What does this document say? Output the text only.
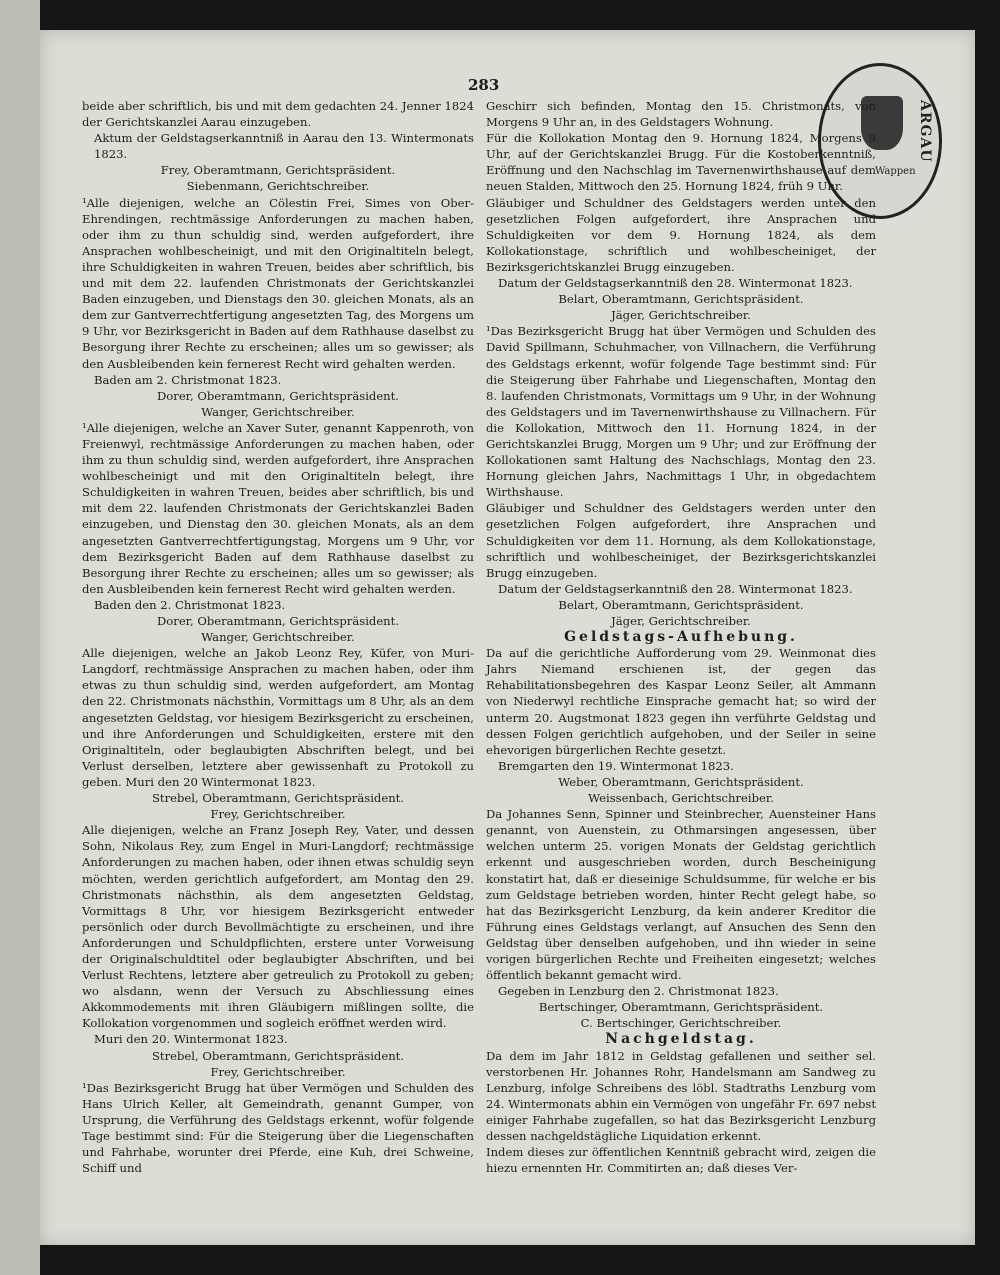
283
ARGAU
Wappen

beide aber schriftlich, bis und mit dem gedachten 24. Jenner 1824 der Gerichtskanzlei Aarau einzugeben.

Aktum der Geldstagserkanntniß in Aarau den 13. Wintermonats 1823.

Frey, Oberamtmann, Gerichtspräsident.

Siebenmann, Gerichtschreiber.

¹Alle diejenigen, welche an Cölestin Frei, Simes von Ober-Ehrendingen, rechtmässige Anforderungen zu machen haben, oder ihm zu thun schuldig sind, werden aufgefordert, ihre Ansprachen wohlbescheinigt, und mit den Originaltiteln belegt, ihre Schuldigkeiten in wahren Treuen, beides aber schriftlich, bis und mit dem 22. laufenden Christmonats der Gerichtskanzlei Baden einzugeben, und Dienstags den 30. gleichen Monats, als an dem zur Gantverrechtfertigung angesetzten Tag, des Morgens um 9 Uhr, vor Bezirksgericht in Baden auf dem Rathhause daselbst zu Besorgung ihrer Rechte zu erscheinen; alles um so gewisser; als den Ausbleibenden kein fernerest Recht wird gehalten werden.

Baden am 2. Christmonat 1823.

Dorer, Oberamtmann, Gerichtspräsident.

Wanger, Gerichtschreiber.

¹Alle diejenigen, welche an Xaver Suter, genannt Kappenroth, von Freienwyl, rechtmässige Anforderungen zu machen haben, oder ihm zu thun schuldig sind, werden aufgefordert, ihre Ansprachen wohlbescheinigt und mit den Originaltiteln belegt, ihre Schuldigkeiten in wahren Treuen, beides aber schriftlich, bis und mit dem 22. laufenden Christmonats der Gerichtskanzlei Baden einzugeben, und Dienstag den 30. gleichen Monats, als an dem angesetzten Gantverrechtfertigungstag, Morgens um 9 Uhr, vor dem Bezirksgericht Baden auf dem Rathhause daselbst zu Besorgung ihrer Rechte zu erscheinen; alles um so gewisser; als den Ausbleibenden kein fernerest Recht wird gehalten werden.

Baden den 2. Christmonat 1823.

Dorer, Oberamtmann, Gerichtspräsident.

Wanger, Gerichtschreiber.

Alle diejenigen, welche an Jakob Leonz Rey, Küfer, von Muri-Langdorf, rechtmässige Ansprachen zu machen haben, oder ihm etwas zu thun schuldig sind, werden aufgefordert, am Montag den 22. Christmonats nächsthin, Vormittags um 8 Uhr, als an dem angesetzten Geldstag, vor hiesigem Bezirksgericht zu erscheinen, und ihre Anforderungen und Schuldigkeiten, erstere mit den Originaltiteln, oder beglaubigten Abschriften belegt, und bei Verlust derselben, letztere aber gewissenhaft zu Protokoll zu geben. Muri den 20 Wintermonat 1823.

Strebel, Oberamtmann, Gerichtspräsident.

Frey, Gerichtschreiber.

Alle diejenigen, welche an Franz Joseph Rey, Vater, und dessen Sohn, Nikolaus Rey, zum Engel in Muri-Langdorf; rechtmässige Anforderungen zu machen haben, oder ihnen etwas schuldig seyn möchten, werden gerichtlich aufgefordert, am Montag den 29. Christmonats nächsthin, als dem angesetzten Geldstag, Vormittags 8 Uhr, vor hiesigem Bezirksgericht entweder persönlich oder durch Bevollmächtigte zu erscheinen, und ihre Anforderungen und Schuldpflichten, erstere unter Vorweisung der Originalschuldtitel oder beglaubigter Abschriften, und bei Verlust Rechtens, letztere aber getreulich zu Protokoll zu geben; wo alsdann, wenn der Versuch zu Abschliessung eines Akkommodements mit ihren Gläubigern mißlingen sollte, die Kollokation vorgenommen und sogleich eröffnet werden wird.

Muri den 20. Wintermonat 1823.

Strebel, Oberamtmann, Gerichtspräsident.

Frey, Gerichtschreiber.

¹Das Bezirksgericht Brugg hat über Vermögen und Schulden des Hans Ulrich Keller, alt Gemeindrath, genannt Gumper, von Ursprung, die Verführung des Geldstags erkennt, wofür folgende Tage bestimmt sind: Für die Steigerung über die Liegenschaften und Fahrhabe, worunter drei Pferde, eine Kuh, drei Schweine, Schiff und

Geschirr sich befinden, Montag den 15. Christmonats, von Morgens 9 Uhr an, in des Geldstagers Wohnung.

Für die Kollokation Montag den 9. Hornung 1824, Morgens 9 Uhr, auf der Gerichtskanzlei Brugg. Für die Kostoberkenntniß, Eröffnung und den Nachschlag im Tavernenwirthshause auf dem neuen Stalden, Mittwoch den 25. Hornung 1824, früh 9 Uhr.

Gläubiger und Schuldner des Geldstagers werden unter den gesetzlichen Folgen aufgefordert, ihre Ansprachen und Schuldigkeiten vor dem 9. Hornung 1824, als dem Kollokationstage, schriftlich und wohlbescheiniget, der Bezirksgerichtskanzlei Brugg einzugeben.

Datum der Geldstagserkanntniß den 28. Wintermonat 1823.

Belart, Oberamtmann, Gerichtspräsident.

Jäger, Gerichtschreiber.

¹Das Bezirksgericht Brugg hat über Vermögen und Schulden des David Spillmann, Schuhmacher, von Villnachern, die Verführung des Geldstags erkennt, wofür folgende Tage bestimmt sind: Für die Steigerung über Fahrhabe und Liegenschaften, Montag den 8. laufenden Christmonats, Vormittags um 9 Uhr, in der Wohnung des Geldstagers und im Tavernenwirthshause zu Villnachern. Für die Kollokation, Mittwoch den 11. Hornung 1824, in der Gerichtskanzlei Brugg, Morgen um 9 Uhr; und zur Eröffnung der Kollokationen samt Haltung des Nachschlags, Montag den 23. Hornung gleichen Jahrs, Nachmittags 1 Uhr, in obgedachtem Wirthshause.

Gläubiger und Schuldner des Geldstagers werden unter den gesetzlichen Folgen aufgefordert, ihre Ansprachen und Schuldigkeiten vor dem 11. Hornung, als dem Kollokationstage, schriftlich und wohlbescheiniget, der Bezirksgerichtskanzlei Brugg einzugeben.

Datum der Geldstagserkanntniß den 28. Wintermonat 1823.

Belart, Oberamtmann, Gerichtspräsident.

Jäger, Gerichtschreiber.

Geldstags-Aufhebung.

Da auf die gerichtliche Aufforderung vom 29. Weinmonat dies Jahrs Niemand erschienen ist, der gegen das Rehabilitationsbegehren des Kaspar Leonz Seiler, alt Ammann von Niederwyl rechtliche Einsprache gemacht hat; so wird der unterm 20. Augstmonat 1823 gegen ihn verführte Geldstag und dessen Folgen gerichtlich aufgehoben, und der Seiler in seine ehevorigen bürgerlichen Rechte gesetzt.

Bremgarten den 19. Wintermonat 1823.

Weber, Oberamtmann, Gerichtspräsident.

Weissenbach, Gerichtschreiber.

Da Johannes Senn, Spinner und Steinbrecher, Auensteiner Hans genannt, von Auenstein, zu Othmarsingen angesessen, über welchen unterm 25. vorigen Monats der Geldstag gerichtlich erkennt und ausgeschrieben worden, durch Bescheinigung konstatirt hat, daß er dieseinige Schuldsumme, für welche er bis zum Geldstage betrieben worden, hinter Recht gelegt habe, so hat das Bezirksgericht Lenzburg, da kein anderer Kreditor die Führung eines Geldstags verlangt, auf Ansuchen des Senn den Geldstag über denselben aufgehoben, und ihn wieder in seine vorigen bürgerlichen Rechte und Freiheiten eingesetzt; welches öffentlich bekannt gemacht wird.

Gegeben in Lenzburg den 2. Christmonat 1823.

Bertschinger, Oberamtmann, Gerichtspräsident.

C. Bertschinger, Gerichtschreiber.

Nachgeldstag.

Da dem im Jahr 1812 in Geldstag gefallenen und seither sel. verstorbenen Hr. Johannes Rohr, Handelsmann am Sandweg zu Lenzburg, infolge Schreibens des löbl. Stadtraths Lenzburg vom 24. Wintermonats abhin ein Vermögen von ungefähr Fr. 697 nebst einiger Fahrhabe zugefallen, so hat das Bezirksgericht Lenzburg dessen nachgeldstägliche Liquidation erkennt.

Indem dieses zur öffentlichen Kenntniß gebracht wird, zeigen die hiezu ernennten Hr. Commitirten an; daß dieses Ver-
